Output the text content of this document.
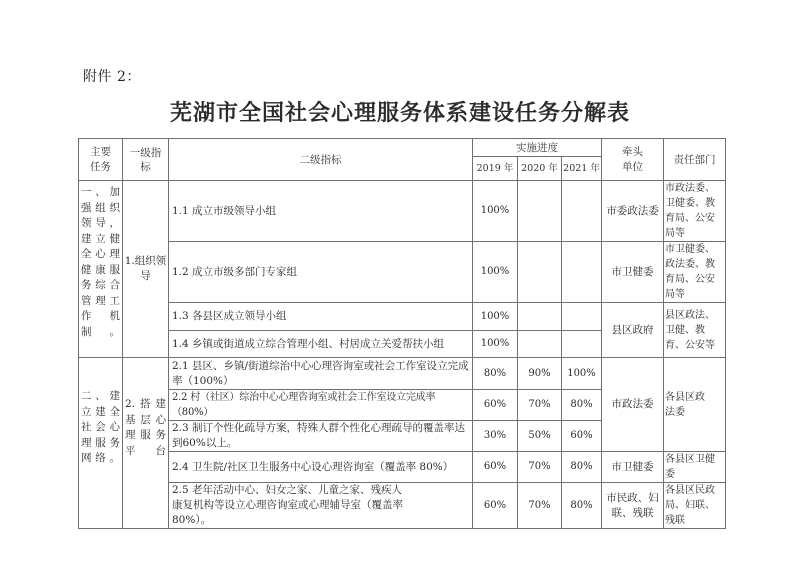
附件 2：
芜湖市全国社会心理服务体系建设任务分解表
主要任务	一级指标	二级指标	实施进度			牵头单位	责任部门
			2019 年	2020 年	2021 年		
一、加强组织领导，建立健全心理健康服务综合管理工作机制。	1.组织领导	1.1 成立市级领导小组	100%			市委政法委	市政法委、卫健委、教育局、公安局等
		1.2 成立市级多部门专家组	100%			市卫健委	市卫健委、政法委、教育局、公安局等
		1.3 各县区成立领导小组	100%			县区政府	县区政法、卫健、教育、公安等
		1.4 乡镇或街道成立综合管理小组、村居成立关爱帮扶小组	100%				
二、建立建全社会心理服务网络。	2.搭建基层心理服务平台	2.1 县区、乡镇/街道综治中心心理咨询室或社会工作室设立完成率（100%）	80%	90%	100%	市政法委	各县区政法委
		2.2 村（社区）综治中心心理咨询室或社会工作室设立完成率（80%）	60%	70%	80%		
		2.3 制订个性化疏导方案，特殊人群个性化心理疏导的覆盖率达到60%以上。	30%	50%	60%		
		2.4 卫生院/社区卫生服务中心设心理咨询室（覆盖率 80%）	60%	70%	80%	市卫健委	各县区卫健委
		2.5 老年活动中心、妇女之家、儿童之家、残疾人康复机构等设立心理咨询室或心理辅导室（覆盖率 80%）。	60%	70%	80%	市民政、妇联、残联	各县区民政局、妇联、残联
